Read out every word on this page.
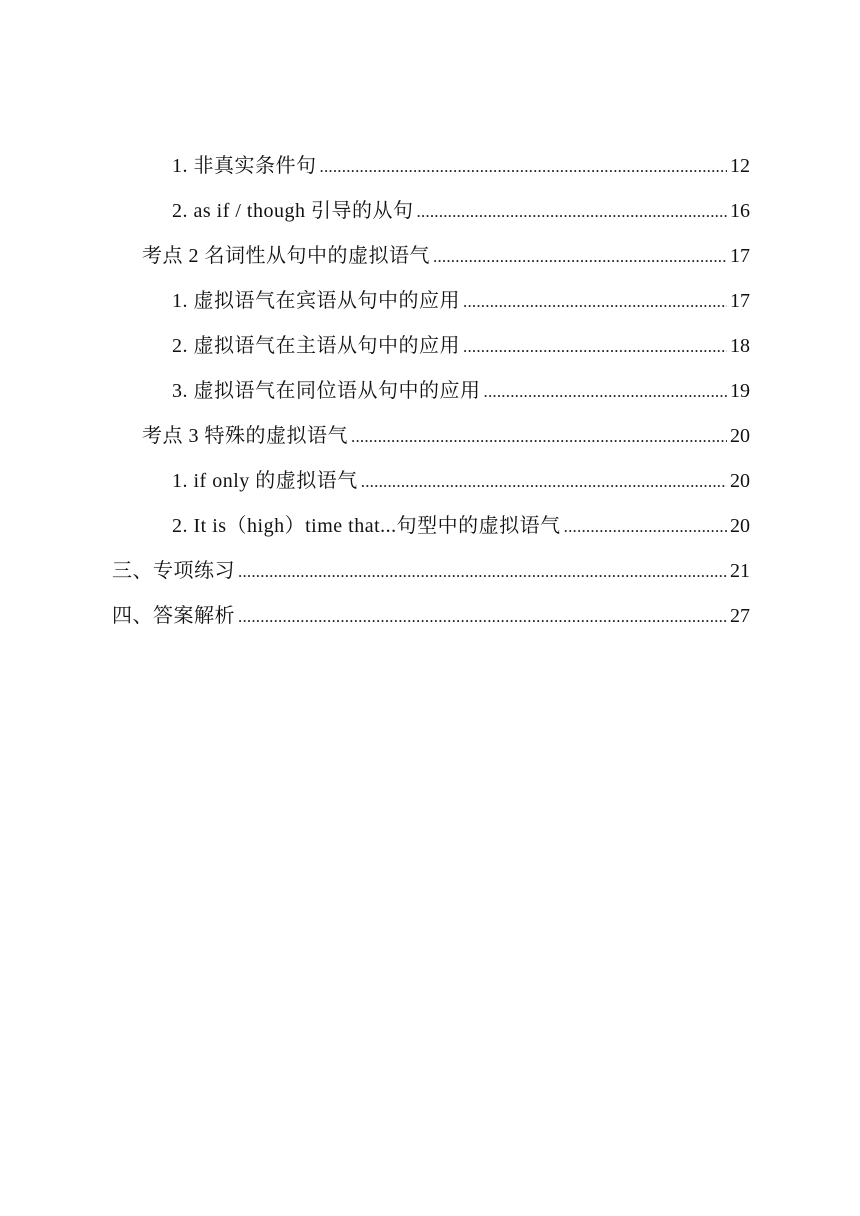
1. 非真实条件句 .....	12
2. as if / though 引导的从句 .....	16
考点 2 名词性从句中的虚拟语气 .....	17
1. 虚拟语气在宾语从句中的应用 .....	17
2. 虚拟语气在主语从句中的应用 .....	18
3. 虚拟语气在同位语从句中的应用 .....	19
考点 3 特殊的虚拟语气 .....	20
1. if only 的虚拟语气 .....	20
2. It is（high）time that...句型中的虚拟语气 .....	20
三、专项练习 .....	21
四、答案解析 .....	27
